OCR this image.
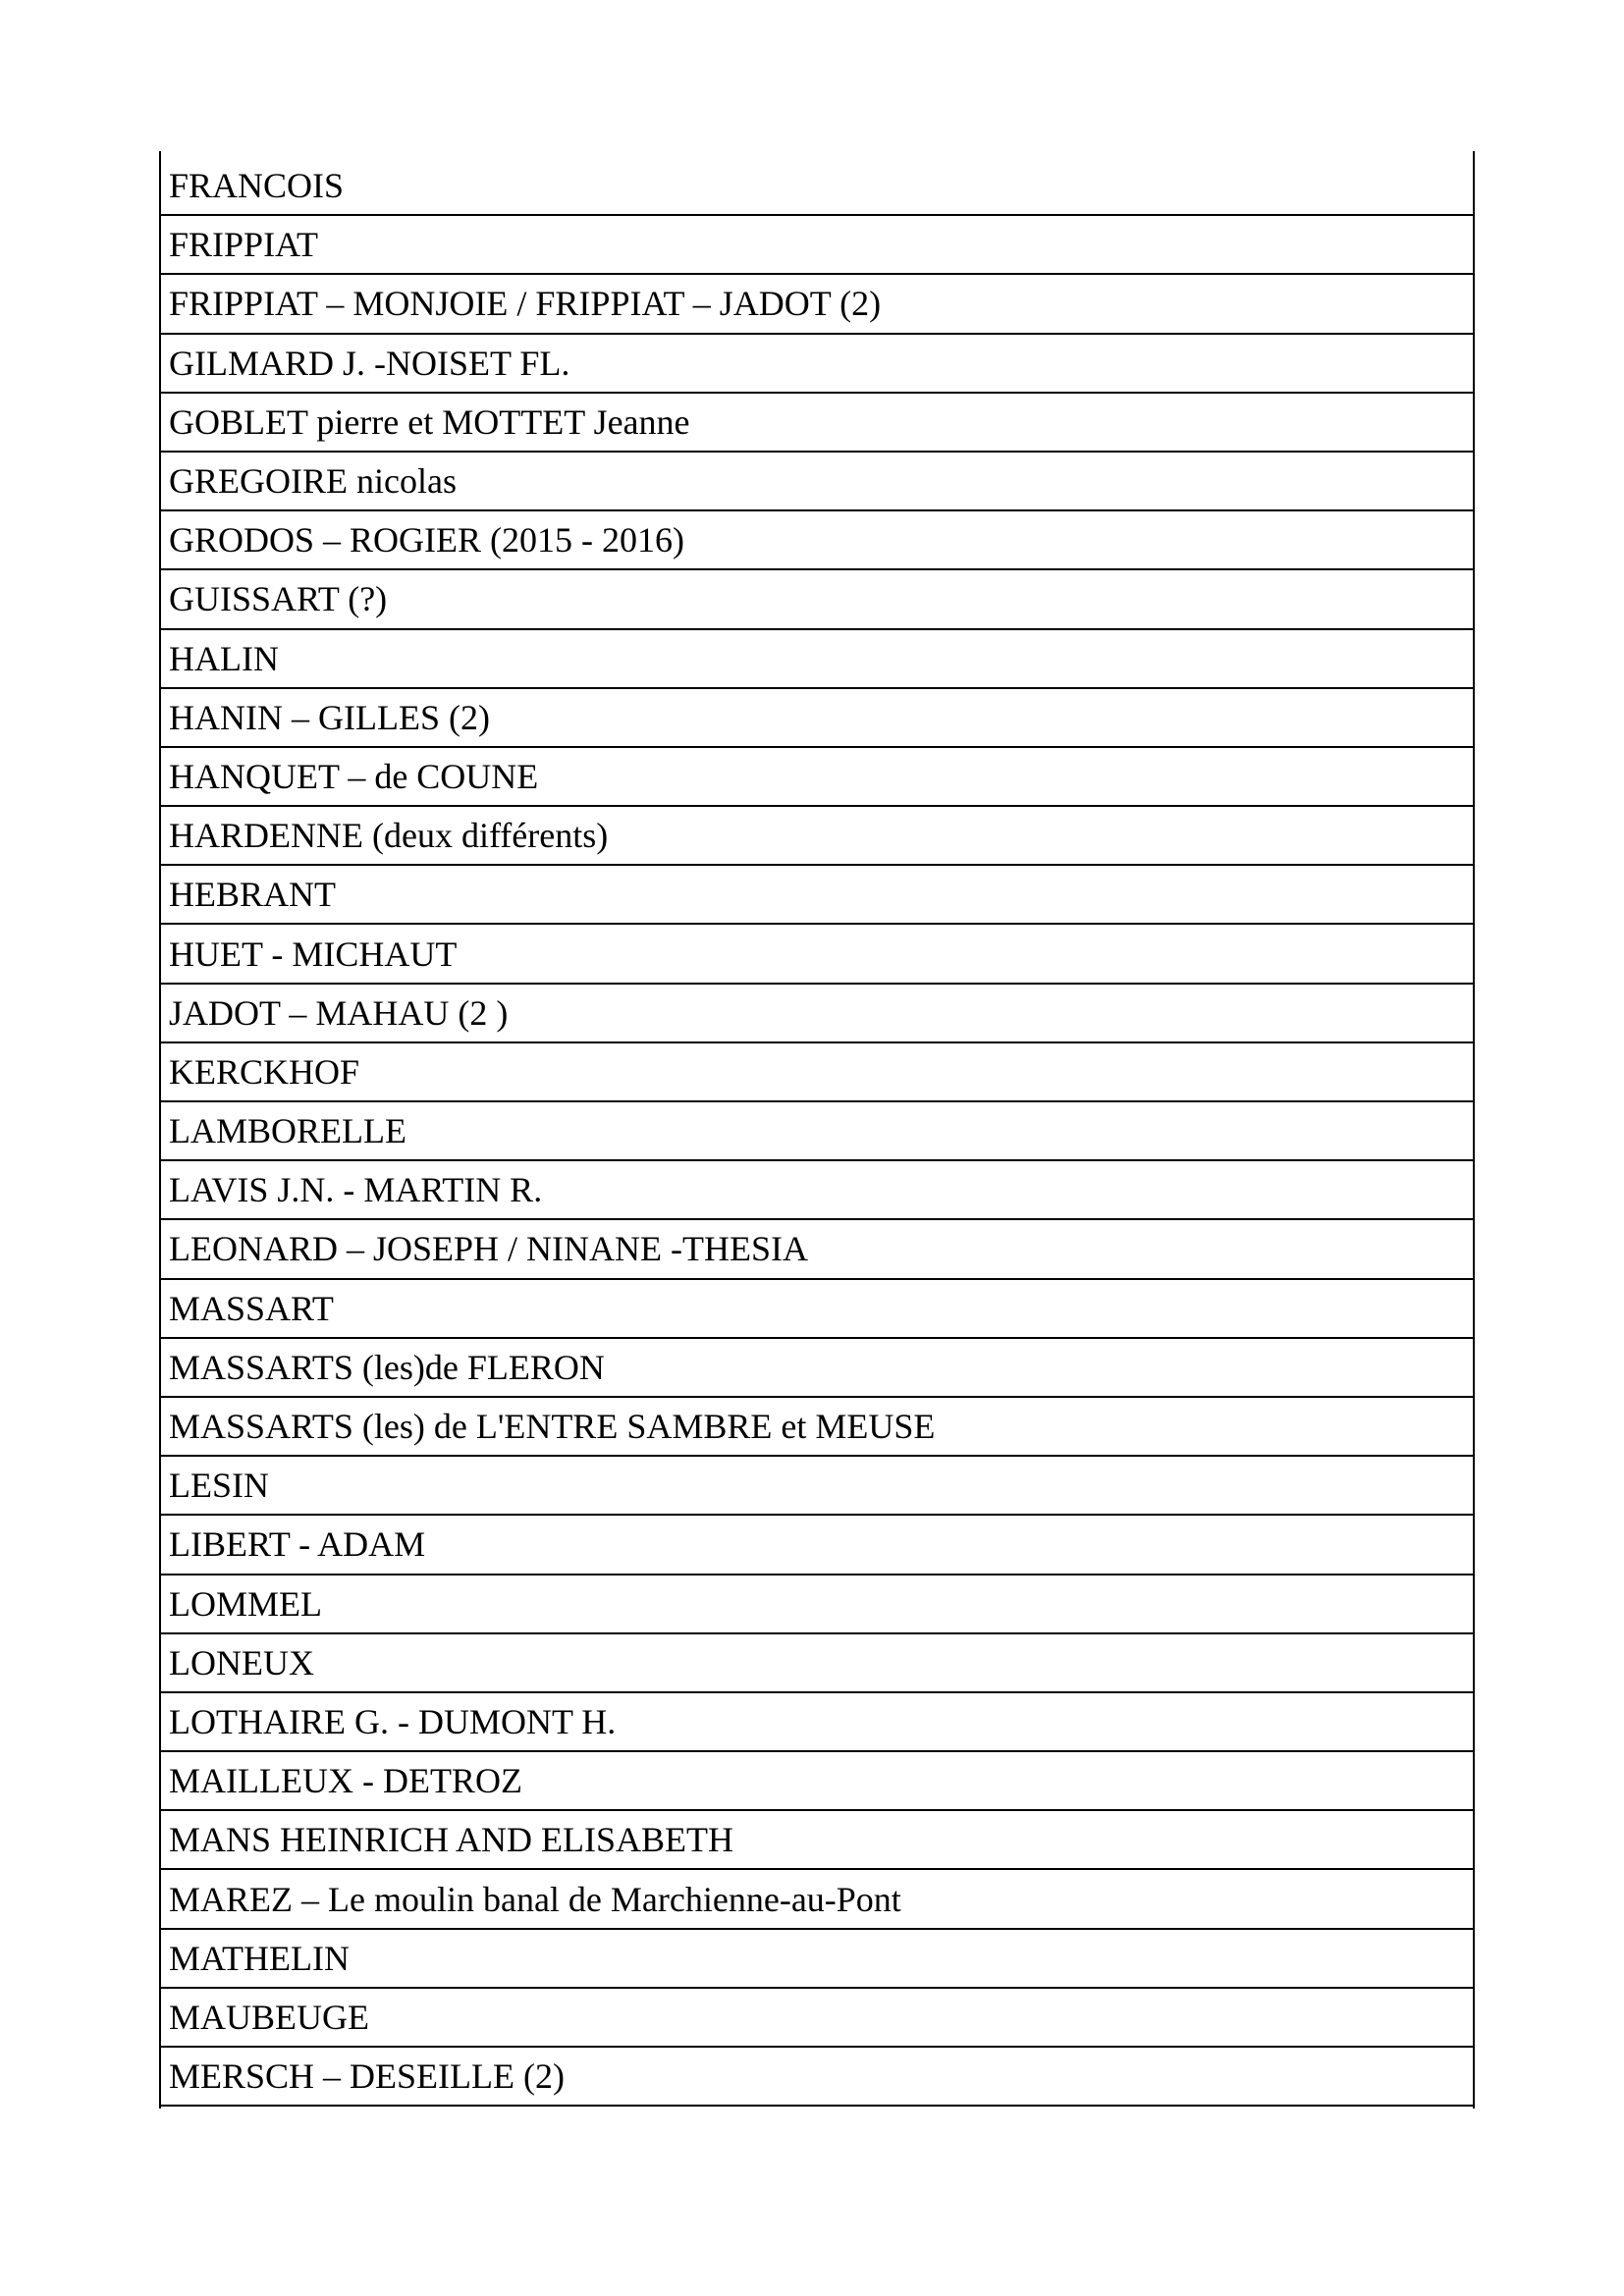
FRANCOIS
FRIPPIAT
FRIPPIAT – MONJOIE / FRIPPIAT – JADOT (2)
GILMARD J. -NOISET FL.
GOBLET pierre et MOTTET Jeanne
GREGOIRE nicolas
GRODOS – ROGIER (2015 - 2016)
GUISSART (?)
HALIN
HANIN – GILLES (2)
HANQUET – de COUNE
HARDENNE (deux différents)
HEBRANT
HUET - MICHAUT
JADOT – MAHAU (2 )
KERCKHOF
LAMBORELLE
LAVIS J.N. - MARTIN R.
LEONARD – JOSEPH / NINANE -THESIA
MASSART
MASSARTS (les)de FLERON
MASSARTS (les) de L'ENTRE SAMBRE et MEUSE
LESIN
LIBERT - ADAM
LOMMEL
LONEUX
LOTHAIRE G. - DUMONT H.
MAILLEUX - DETROZ
MANS HEINRICH AND ELISABETH
MAREZ – Le moulin banal de Marchienne-au-Pont
MATHELIN
MAUBEUGE
MERSCH – DESEILLE (2)
